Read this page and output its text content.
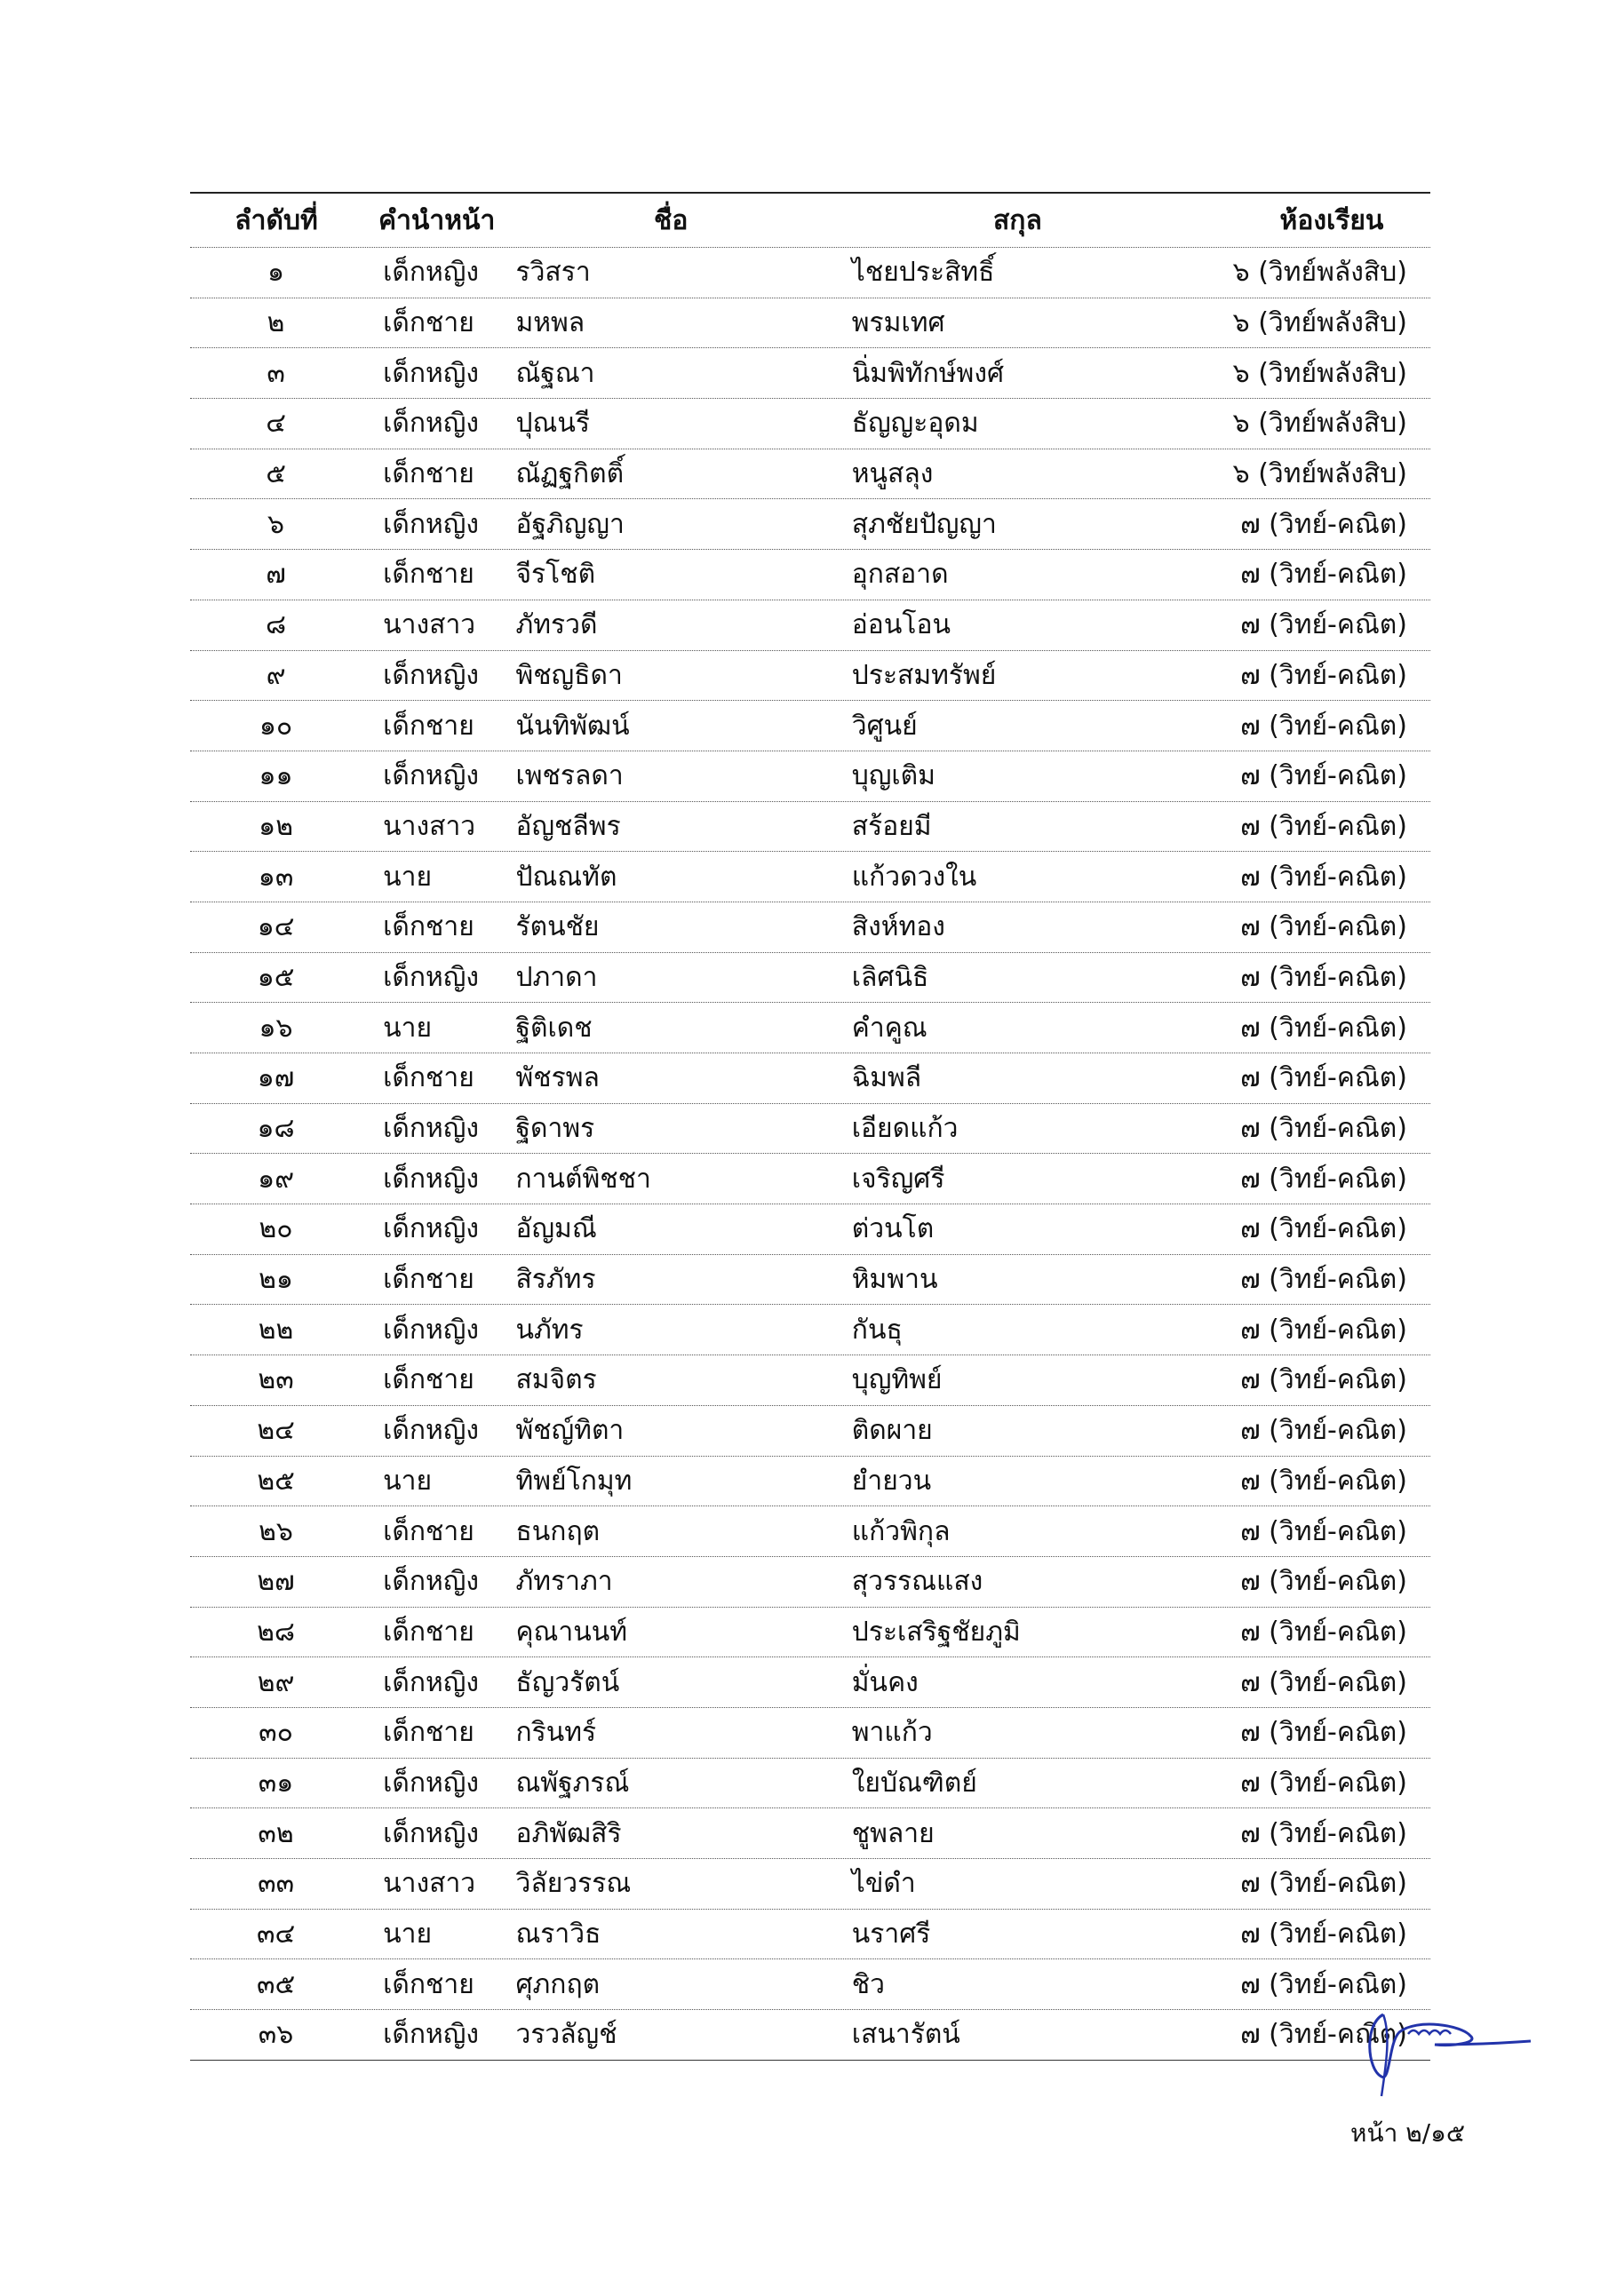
ลำดับที่	คำนำหน้า	ชื่อ	สกุล	ห้องเรียน
๑	เด็กหญิง	รวิสรา	ไชยประสิทธิ์	๖ (วิทย์พลังสิบ)
๒	เด็กชาย	มหพล	พรมเทศ	๖ (วิทย์พลังสิบ)
๓	เด็กหญิง	ณัฐณา	นิ่มพิทักษ์พงศ์	๖ (วิทย์พลังสิบ)
๔	เด็กหญิง	ปุณนรี	ธัญญะอุดม	๖ (วิทย์พลังสิบ)
๕	เด็กชาย	ณัฏฐกิตติ์	หนูสลุง	๖ (วิทย์พลังสิบ)
๖	เด็กหญิง	อัฐภิญญา	สุภชัยปัญญา	๗ (วิทย์-คณิต)
๗	เด็กชาย	จีรโชติ	อุกสอาด	๗ (วิทย์-คณิต)
๘	นางสาว	ภัทรวดี	อ่อนโอน	๗ (วิทย์-คณิต)
๙	เด็กหญิง	พิชญธิดา	ประสมทรัพย์	๗ (วิทย์-คณิต)
๑๐	เด็กชาย	นันทิพัฒน์	วิศูนย์	๗ (วิทย์-คณิต)
๑๑	เด็กหญิง	เพชรลดา	บุญเติม	๗ (วิทย์-คณิต)
๑๒	นางสาว	อัญชลีพร	สร้อยมี	๗ (วิทย์-คณิต)
๑๓	นาย	ปัณณทัต	แก้วดวงใน	๗ (วิทย์-คณิต)
๑๔	เด็กชาย	รัตนชัย	สิงห์ทอง	๗ (วิทย์-คณิต)
๑๕	เด็กหญิง	ปภาดา	เลิศนิธิ	๗ (วิทย์-คณิต)
๑๖	นาย	ฐิติเดช	คำคูณ	๗ (วิทย์-คณิต)
๑๗	เด็กชาย	พัชรพล	ฉิมพลี	๗ (วิทย์-คณิต)
๑๘	เด็กหญิง	ฐิดาพร	เอียดแก้ว	๗ (วิทย์-คณิต)
๑๙	เด็กหญิง	กานต์พิชชา	เจริญศรี	๗ (วิทย์-คณิต)
๒๐	เด็กหญิง	อัญมณี	ต่วนโต	๗ (วิทย์-คณิต)
๒๑	เด็กชาย	สิรภัทร	หิมพาน	๗ (วิทย์-คณิต)
๒๒	เด็กหญิง	นภัทร	กันธุ	๗ (วิทย์-คณิต)
๒๓	เด็กชาย	สมจิตร	บุญทิพย์	๗ (วิทย์-คณิต)
๒๔	เด็กหญิง	พัชญ์ทิตา	ติดผาย	๗ (วิทย์-คณิต)
๒๕	นาย	ทิพย์โกมุท	ยำยวน	๗ (วิทย์-คณิต)
๒๖	เด็กชาย	ธนกฤต	แก้วพิกุล	๗ (วิทย์-คณิต)
๒๗	เด็กหญิง	ภัทราภา	สุวรรณแสง	๗ (วิทย์-คณิต)
๒๘	เด็กชาย	คุณานนท์	ประเสริฐชัยภูมิ	๗ (วิทย์-คณิต)
๒๙	เด็กหญิง	ธัญวรัตน์	มั่นคง	๗ (วิทย์-คณิต)
๓๐	เด็กชาย	กรินทร์	พาแก้ว	๗ (วิทย์-คณิต)
๓๑	เด็กหญิง	ณพัฐภรณ์	ใยบัณฑิตย์	๗ (วิทย์-คณิต)
๓๒	เด็กหญิง	อภิพัฒสิริ	ชูพลาย	๗ (วิทย์-คณิต)
๓๓	นางสาว	วิลัยวรรณ	ไข่ดำ	๗ (วิทย์-คณิต)
๓๔	นาย	ณราวิธ	นราศรี	๗ (วิทย์-คณิต)
๓๕	เด็กชาย	ศุภกฤต	ชิว	๗ (วิทย์-คณิต)
๓๖	เด็กหญิง	วรวลัญช์	เสนารัตน์	๗ (วิทย์-คณิต)
หน้า ๒/๑๕
